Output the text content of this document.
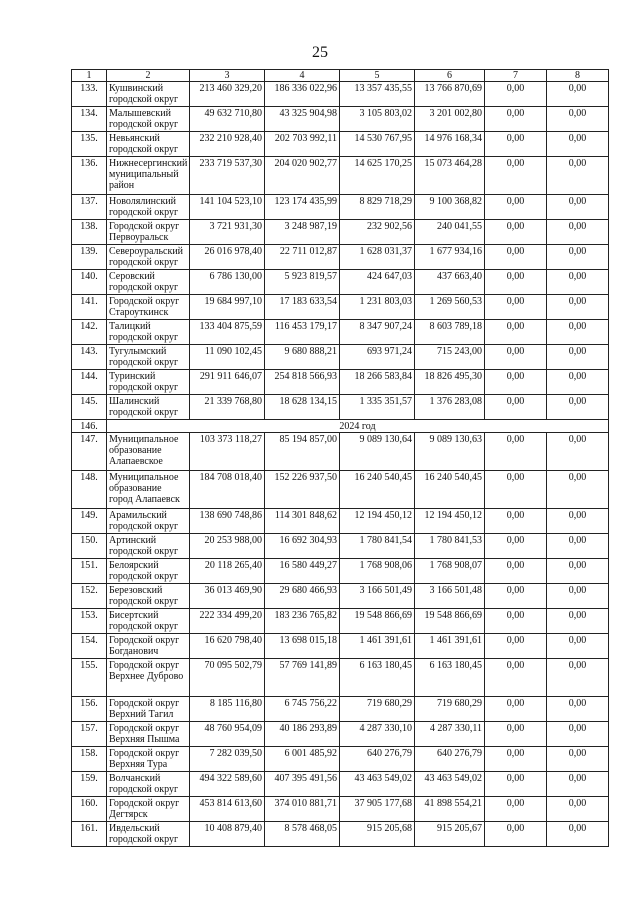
25
1	2	3	4	5	6	7	8
133.	Кушвинский городской округ	213 460 329,20	186 336 022,96	13 357 435,55	13 766 870,69	0,00	0,00
134.	Малышевский городской округ	49 632 710,80	43 325 904,98	3 105 803,02	3 201 002,80	0,00	0,00
135.	Невьянский городской округ	232 210 928,40	202 703 992,11	14 530 767,95	14 976 168,34	0,00	0,00
136.	Нижнесергинский муниципальный район	233 719 537,30	204 020 902,77	14 625 170,25	15 073 464,28	0,00	0,00
137.	Новолялинский городской округ	141 104 523,10	123 174 435,99	8 829 718,29	9 100 368,82	0,00	0,00
138.	Городской округ Первоуральск	3 721 931,30	3 248 987,19	232 902,56	240 041,55	0,00	0,00
139.	Североуральский городской округ	26 016 978,40	22 711 012,87	1 628 031,37	1 677 934,16	0,00	0,00
140.	Серовский городской округ	6 786 130,00	5 923 819,57	424 647,03	437 663,40	0,00	0,00
141.	Городской округ Староуткинск	19 684 997,10	17 183 633,54	1 231 803,03	1 269 560,53	0,00	0,00
142.	Талицкий городской округ	133 404 875,59	116 453 179,17	8 347 907,24	8 603 789,18	0,00	0,00
143.	Тугулымский городской округ	11 090 102,45	9 680 888,21	693 971,24	715 243,00	0,00	0,00
144.	Туринский городской округ	291 911 646,07	254 818 566,93	18 266 583,84	18 826 495,30	0,00	0,00
145.	Шалинский городской округ	21 339 768,80	18 628 134,15	1 335 351,57	1 376 283,08	0,00	0,00
146.	2024 год						
147.	Муниципальное образование Алапаевское	103 373 118,27	85 194 857,00	9 089 130,64	9 089 130,63	0,00	0,00
148.	Муниципальное образование город Алапаевск	184 708 018,40	152 226 937,50	16 240 540,45	16 240 540,45	0,00	0,00
149.	Арамильский городской округ	138 690 748,86	114 301 848,62	12 194 450,12	12 194 450,12	0,00	0,00
150.	Артинский городской округ	20 253 988,00	16 692 304,93	1 780 841,54	1 780 841,53	0,00	0,00
151.	Белоярский городской округ	20 118 265,40	16 580 449,27	1 768 908,06	1 768 908,07	0,00	0,00
152.	Березовский городской округ	36 013 469,90	29 680 466,93	3 166 501,49	3 166 501,48	0,00	0,00
153.	Бисертский городской округ	222 334 499,20	183 236 765,82	19 548 866,69	19 548 866,69	0,00	0,00
154.	Городской округ Богданович	16 620 798,40	13 698 015,18	1 461 391,61	1 461 391,61	0,00	0,00
155.	Городской округ Верхнее Дуброво	70 095 502,79	57 769 141,89	6 163 180,45	6 163 180,45	0,00	0,00
156.	Городской округ Верхний Тагил	8 185 116,80	6 745 756,22	719 680,29	719 680,29	0,00	0,00
157.	Городской округ Верхняя Пышма	48 760 954,09	40 186 293,89	4 287 330,10	4 287 330,11	0,00	0,00
158.	Городской округ Верхняя Тура	7 282 039,50	6 001 485,92	640 276,79	640 276,79	0,00	0,00
159.	Волчанский городской округ	494 322 589,60	407 395 491,56	43 463 549,02	43 463 549,02	0,00	0,00
160.	Городской округ Дегтярск	453 814 613,60	374 010 881,71	37 905 177,68	41 898 554,21	0,00	0,00
161.	Ивдельский городской округ	10 408 879,40	8 578 468,05	915 205,68	915 205,67	0,00	0,00
